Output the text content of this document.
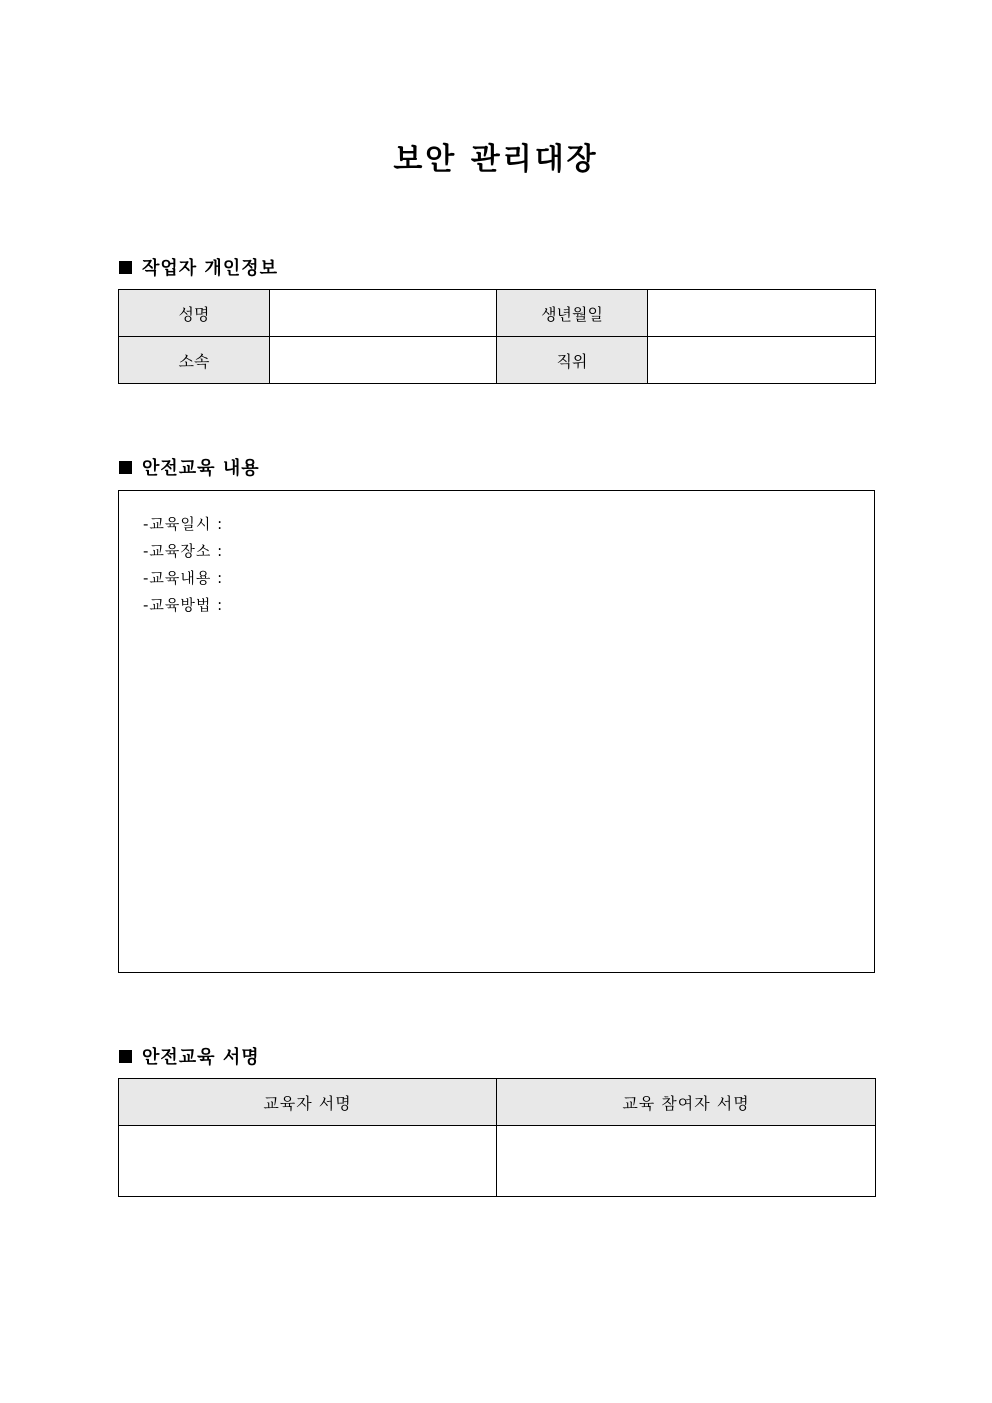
보안 관리대장
작업자 개인정보
성명		생년월일	
소속		직위	
안전교육 내용
-교육일시 :
-교육장소 :
-교육내용 :
-교육방법 :
안전교육 서명
교육자 서명	교육 참여자 서명
